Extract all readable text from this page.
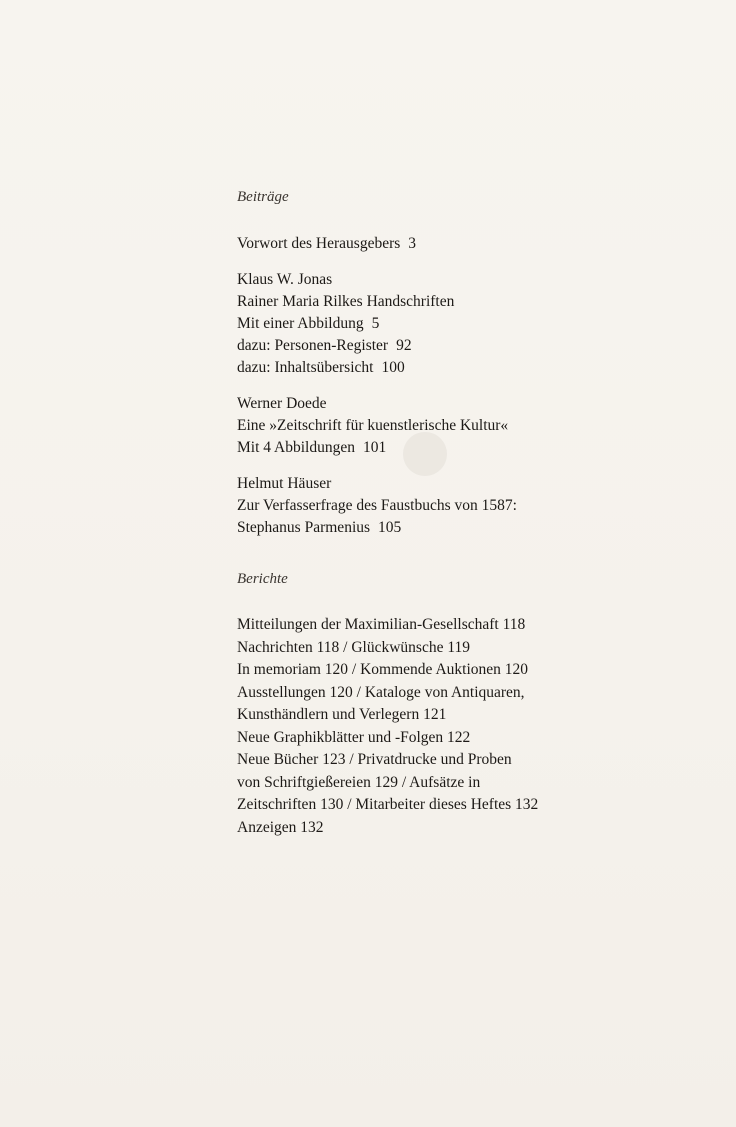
Beiträge

Vorwort des Herausgebers 3
Klaus W. Jonas
Rainer Maria Rilkes Handschriften
Mit einer Abbildung 5
dazu: Personen-Register 92
dazu: Inhaltsübersicht 100
Werner Doede
Eine »Zeitschrift für kuenstlerische Kultur«
Mit 4 Abbildungen 101
Helmut Häuser
Zur Verfasserfrage des Faustbuchs von 1587:
Stephanus Parmenius 105

Berichte

Mitteilungen der Maximilian-Gesellschaft 118
Nachrichten 118 / Glückwünsche 119
In memoriam 120 / Kommende Auktionen 120
Ausstellungen 120 / Kataloge von Antiquaren,
Kunsthändlern und Verlegern 121
Neue Graphikblätter und -Folgen 122
Neue Bücher 123 / Privatdrucke und Proben
von Schriftgießereien 129 / Aufsätze in
Zeitschriften 130 / Mitarbeiter dieses Heftes 132
Anzeigen 132
